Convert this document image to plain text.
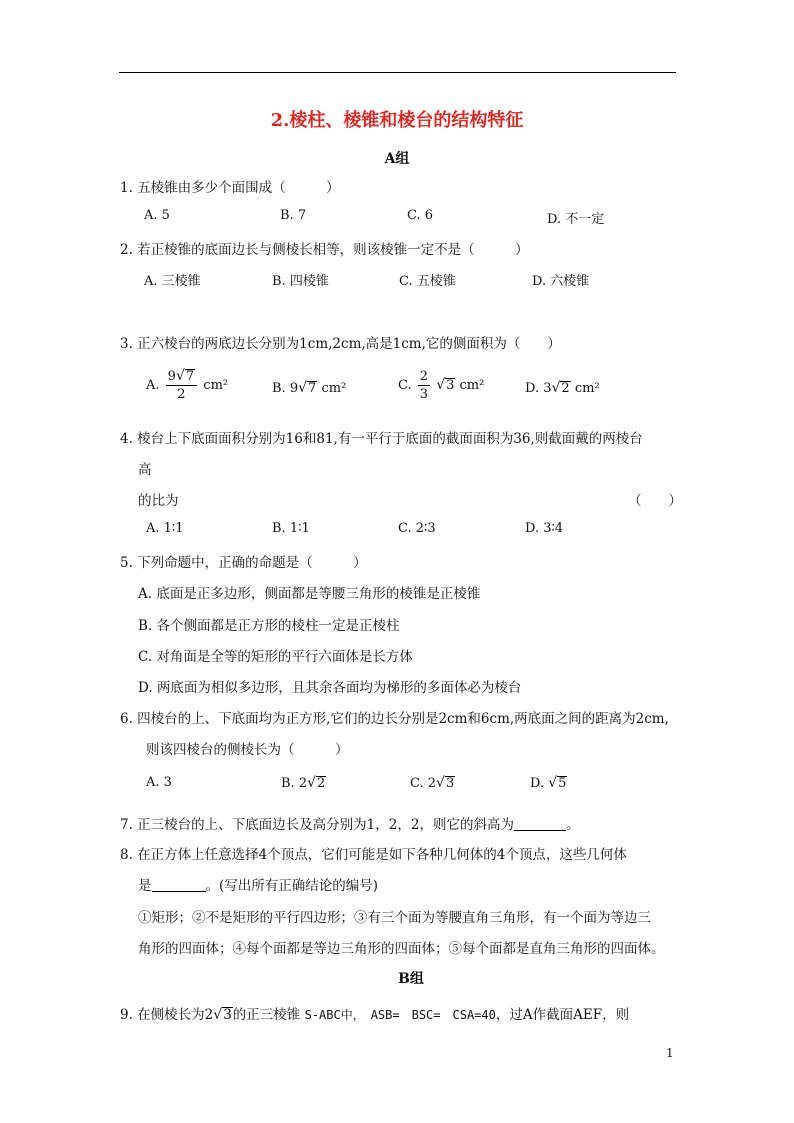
2.棱柱、棱锥和棱台的结构特征
A组
1. 五棱锥由多少个面围成（　　　）
A. 5	B. 7	C. 6	D. 不一定
2. 若正棱锥的底面边长与侧棱长相等，则该棱锥一定不是（　　　）
A. 三棱锥	B. 四棱锥	C. 五棱锥	D. 六棱锥
3. 正六棱台的两底边长分别为1cm,2cm,高是1cm,它的侧面积为（　　）
A. $\frac{9√7}{2} cm^2$	B. 9√7 cm²	C. $\frac{2}{3} √3$ cm²	D. 3√2 cm²
4. 棱台上下底面面积分别为16和81,有一平行于底面的截面面积为36,则截面戴的两棱台
高
的比为	（　　）
A. 1∶1	B. 1∶1	C. 2∶3	D. 3∶4
5. 下列命题中，正确的命题是（　　　）
A. 底面是正多边形，侧面都是等腰三角形的棱锥是正棱锥
B. 各个侧面都是正方形的棱柱一定是正棱柱
C. 对角面是全等的矩形的平行六面体是长方体
D. 两底面为相似多边形，且其余各面均为梯形的多面体必为棱台
6. 四棱台的上、下底面均为正方形,它们的边长分别是2cm和6cm,两底面之间的距离为2cm,
则该四棱台的侧棱长为（　　　）
A. 3	B. 2√2	C. 2√3	D. √5
7. 正三棱台的上、下底面边长及高分别为1，2，2，则它的斜高为	。
8. 在正方体上任意选择4个顶点，它们可能是如下各种几何体的4个顶点，这些几何体
是	。(写出所有正确结论的编号)
①矩形；②不是矩形的平行四边形；③有三个面为等腰直角三角形，有一个面为等边三
角形的四面体；④每个面都是等边三角形的四面体；⑤每个面都是直角三角形的四面体。
B组
9. 在侧棱长为2√3的正三棱锥 S-ABC中，　ASB=　BSC=　CSA=40，过A作截面AEF，则
1
